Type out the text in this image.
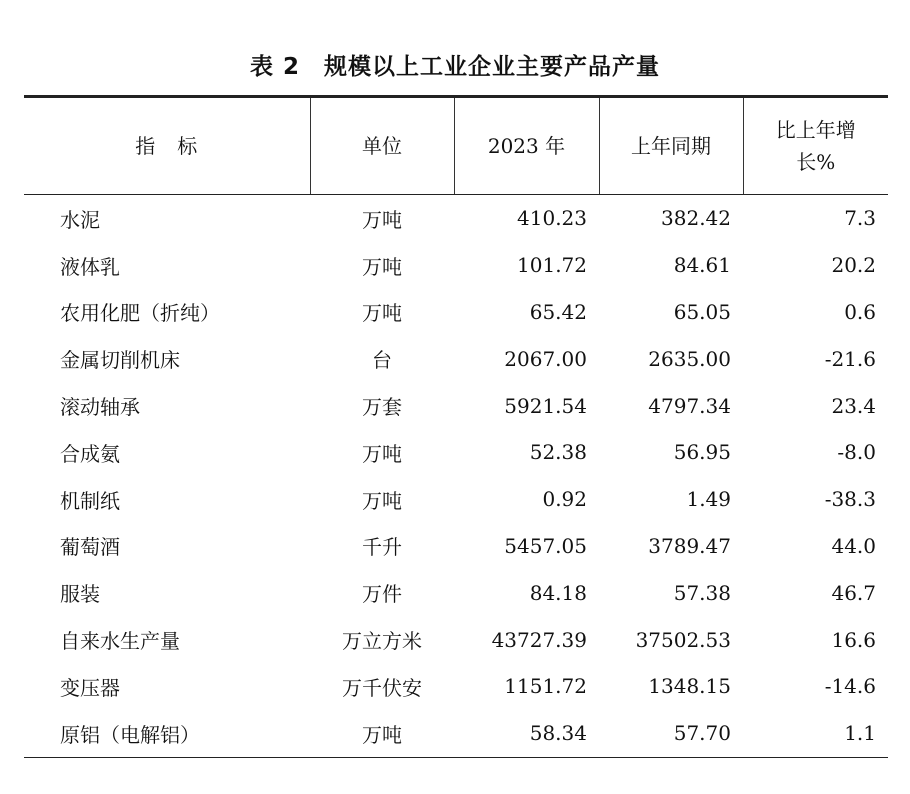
表 2　规模以上工业企业主要产品产量
指　标	单位	2023 年	上年同期	比上年增
长%

水泥	万吨	410.23	382.42	7.3
液体乳	万吨	101.72	84.61	20.2
农用化肥（折纯）	万吨	65.42	65.05	0.6
金属切削机床	台	2067.00	2635.00	-21.6
滚动轴承	万套	5921.54	4797.34	23.4
合成氨	万吨	52.38	56.95	-8.0
机制纸	万吨	0.92	1.49	-38.3
葡萄酒	千升	5457.05	3789.47	44.0
服装	万件	84.18	57.38	46.7
自来水生产量	万立方米	43727.39	37502.53	16.6
变压器	万千伏安	1151.72	1348.15	-14.6
原铝（电解铝）	万吨	58.34	57.70	1.1
